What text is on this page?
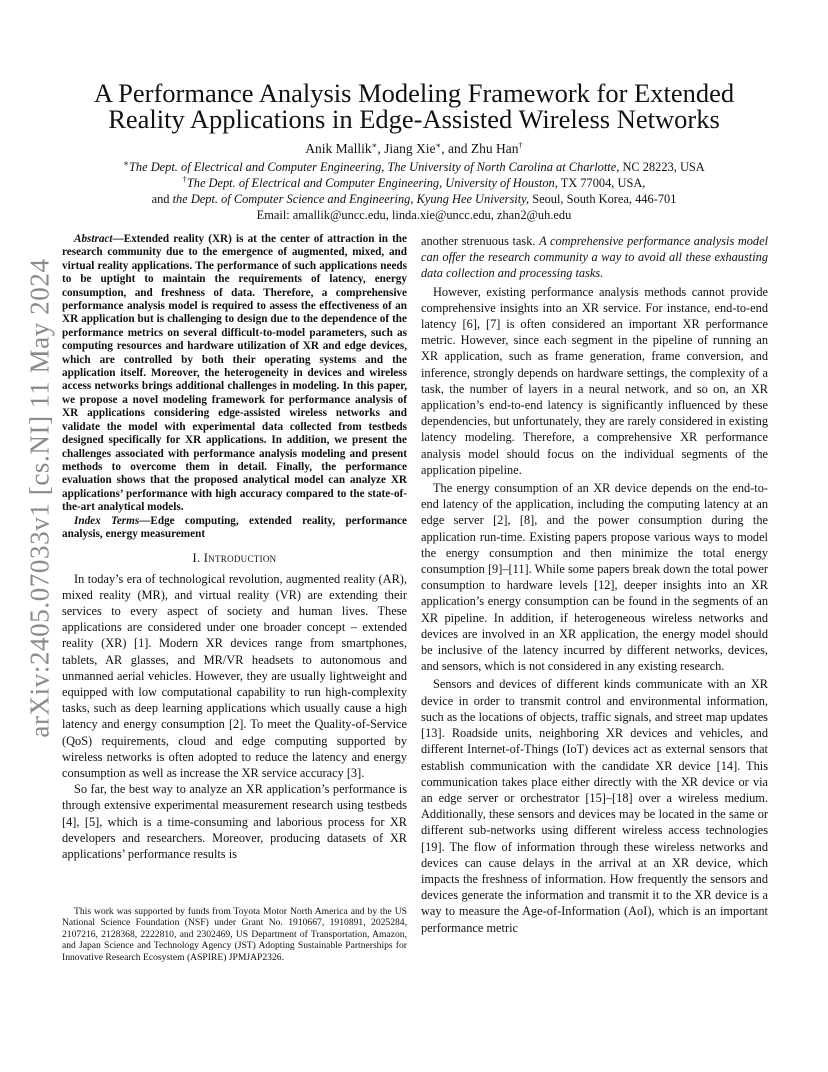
arXiv:2405.07033v1 [cs.NI] 11 May 2024
A Performance Analysis Modeling Framework for Extended
Reality Applications in Edge-Assisted Wireless Networks
Anik Mallik∗, Jiang Xie∗, and Zhu Han†
∗The Dept. of Electrical and Computer Engineering, The University of North Carolina at Charlotte, NC 28223, USA
†The Dept. of Electrical and Computer Engineering, University of Houston, TX 77004, USA,
and the Dept. of Computer Science and Engineering, Kyung Hee University, Seoul, South Korea, 446-701
Email: amallik@uncc.edu, linda.xie@uncc.edu, zhan2@uh.edu

Abstract—Extended reality (XR) is at the center of attraction in the research community due to the emergence of augmented, mixed, and virtual reality applications. The performance of such applications needs to be uptight to maintain the requirements of latency, energy consumption, and freshness of data. Therefore, a comprehensive performance analysis model is required to assess the effectiveness of an XR application but is challenging to design due to the dependence of the performance metrics on several difficult-to-model parameters, such as computing resources and hardware utilization of XR and edge devices, which are controlled by both their operating systems and the application itself. Moreover, the heterogeneity in devices and wireless access networks brings additional challenges in modeling. In this paper, we propose a novel modeling framework for performance analysis of XR applications considering edge-assisted wireless networks and validate the model with experimental data collected from testbeds designed specifically for XR applications. In addition, we present the challenges associated with performance analysis modeling and present methods to overcome them in detail. Finally, the performance evaluation shows that the proposed analytical model can analyze XR applications’ performance with high accuracy compared to the state-of-the-art analytical models.

Index Terms—Edge computing, extended reality, performance analysis, energy measurement

I. Introduction

In today’s era of technological revolution, augmented reality (AR), mixed reality (MR), and virtual reality (VR) are extending their services to every aspect of society and human lives. These applications are considered under one broader concept – extended reality (XR) [1]. Modern XR devices range from smartphones, tablets, AR glasses, and MR/VR headsets to autonomous and unmanned aerial vehicles. However, they are usually lightweight and equipped with low computational capability to run high-complexity tasks, such as deep learning applications which usually cause a high latency and energy consumption [2]. To meet the Quality-of-Service (QoS) requirements, cloud and edge computing supported by wireless networks is often adopted to reduce the latency and energy consumption as well as increase the XR service accuracy [3].

So far, the best way to analyze an XR application’s performance is through extensive experimental measurement research using testbeds [4], [5], which is a time-consuming and laborious process for XR developers and researchers. Moreover, producing datasets of XR applications’ performance results is

This work was supported by funds from Toyota Motor North America and by the US National Science Foundation (NSF) under Grant No. 1910667, 1910891, 2025284, 2107216, 2128368, 2222810, and 2302469, US Department of Transportation, Amazon, and Japan Science and Technology Agency (JST) Adopting Sustainable Partnerships for Innovative Research Ecosystem (ASPIRE) JPMJAP2326.

another strenuous task. A comprehensive performance analysis model can offer the research community a way to avoid all these exhausting data collection and processing tasks.

However, existing performance analysis methods cannot provide comprehensive insights into an XR service. For instance, end-to-end latency [6], [7] is often considered an important XR performance metric. However, since each segment in the pipeline of running an XR application, such as frame generation, frame conversion, and inference, strongly depends on hardware settings, the complexity of a task, the number of layers in a neural network, and so on, an XR application’s end-to-end latency is significantly influenced by these dependencies, but unfortunately, they are rarely considered in existing latency modeling. Therefore, a comprehensive XR performance analysis model should focus on the individual segments of the application pipeline.

The energy consumption of an XR device depends on the end-to-end latency of the application, including the computing latency at an edge server [2], [8], and the power consumption during the application run-time. Existing papers propose various ways to model the energy consumption and then minimize the total energy consumption [9]–[11]. While some papers break down the total power consumption to hardware levels [12], deeper insights into an XR application’s energy consumption can be found in the segments of an XR pipeline. In addition, if heterogeneous wireless networks and devices are involved in an XR application, the energy model should be inclusive of the latency incurred by different networks, devices, and sensors, which is not considered in any existing research.

Sensors and devices of different kinds communicate with an XR device in order to transmit control and environmental information, such as the locations of objects, traffic signals, and street map updates [13]. Roadside units, neighboring XR devices and vehicles, and different Internet-of-Things (IoT) devices act as external sensors that establish communication with the candidate XR device [14]. This communication takes place either directly with the XR device or via an edge server or orchestrator [15]–[18] over a wireless medium. Additionally, these sensors and devices may be located in the same or different sub-networks using different wireless access technologies [19]. The flow of information through these wireless networks and devices can cause delays in the arrival at an XR device, which impacts the freshness of information. How frequently the sensors and devices generate the information and transmit it to the XR device is a way to measure the Age-of-Information (AoI), which is an important performance metric
